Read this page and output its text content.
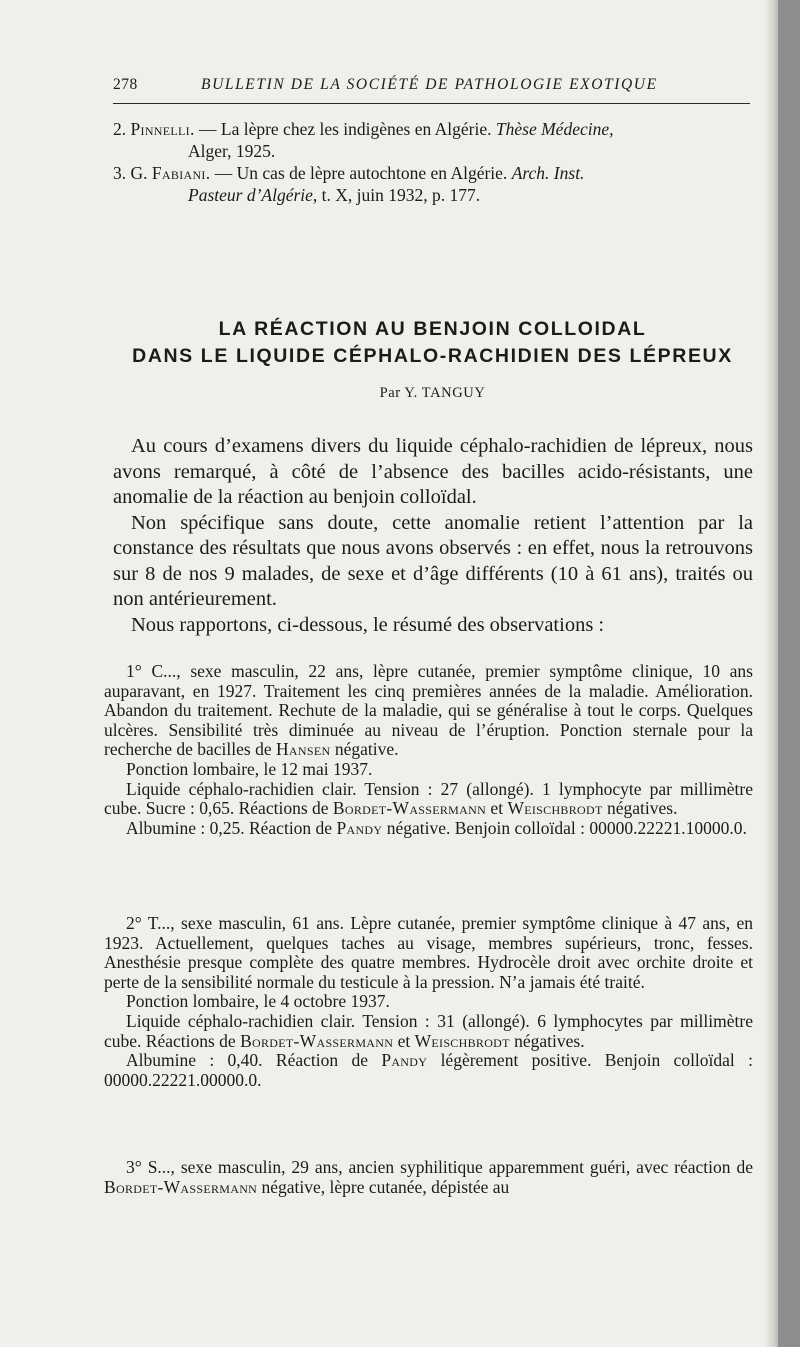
278	BULLETIN DE LA SOCIÉTÉ DE PATHOLOGIE EXOTIQUE

2. Pinnelli. — La lèpre chez les indigènes en Algérie. Thèse Médecine,

Alger, 1925.

3. G. Fabiani. — Un cas de lèpre autochtone en Algérie. Arch. Inst.

Pasteur d’Algérie, t. X, juin 1932, p. 177.

LA RÉACTION AU BENJOIN COLLOIDAL
DANS LE LIQUIDE CÉPHALO-RACHIDIEN DES LÉPREUX
Par Y. TANGUY

Au cours d’examens divers du liquide céphalo-rachidien de lépreux, nous avons remarqué, à côté de l’absence des bacilles acido-résistants, une anomalie de la réaction au benjoin colloïdal.

Non spécifique sans doute, cette anomalie retient l’attention par la constance des résultats que nous avons observés : en effet, nous la retrouvons sur 8 de nos 9 malades, de sexe et d’âge différents (10 à 61 ans), traités ou non antérieurement.

Nous rapportons, ci-dessous, le résumé des observations :

1° C..., sexe masculin, 22 ans, lèpre cutanée, premier symptôme clinique, 10 ans auparavant, en 1927. Traitement les cinq premières années de la maladie. Amélioration. Abandon du traitement. Rechute de la maladie, qui se généralise à tout le corps. Quelques ulcères. Sensibilité très diminuée au niveau de l’éruption. Ponction sternale pour la recherche de bacilles de Hansen négative.

Ponction lombaire, le 12 mai 1937.

Liquide céphalo-rachidien clair. Tension : 27 (allongé). 1 lymphocyte par millimètre cube. Sucre : 0,65. Réactions de Bordet-Wassermann et Weischbrodt négatives.

Albumine : 0,25. Réaction de Pandy négative. Benjoin colloïdal : 00000.22221.10000.0.

2° T..., sexe masculin, 61 ans. Lèpre cutanée, premier symptôme clinique à 47 ans, en 1923. Actuellement, quelques taches au visage, membres supérieurs, tronc, fesses. Anesthésie presque complète des quatre membres. Hydrocèle droit avec orchite droite et perte de la sensibilité normale du testicule à la pression. N’a jamais été traité.

Ponction lombaire, le 4 octobre 1937.

Liquide céphalo-rachidien clair. Tension : 31 (allongé). 6 lymphocytes par millimètre cube. Réactions de Bordet-Wassermann et Weischbrodt négatives.

Albumine : 0,40. Réaction de Pandy légèrement positive. Benjoin colloïdal : 00000.22221.00000.0.

3° S..., sexe masculin, 29 ans, ancien syphilitique apparemment guéri, avec réaction de Bordet-Wassermann négative, lèpre cutanée, dépistée au
